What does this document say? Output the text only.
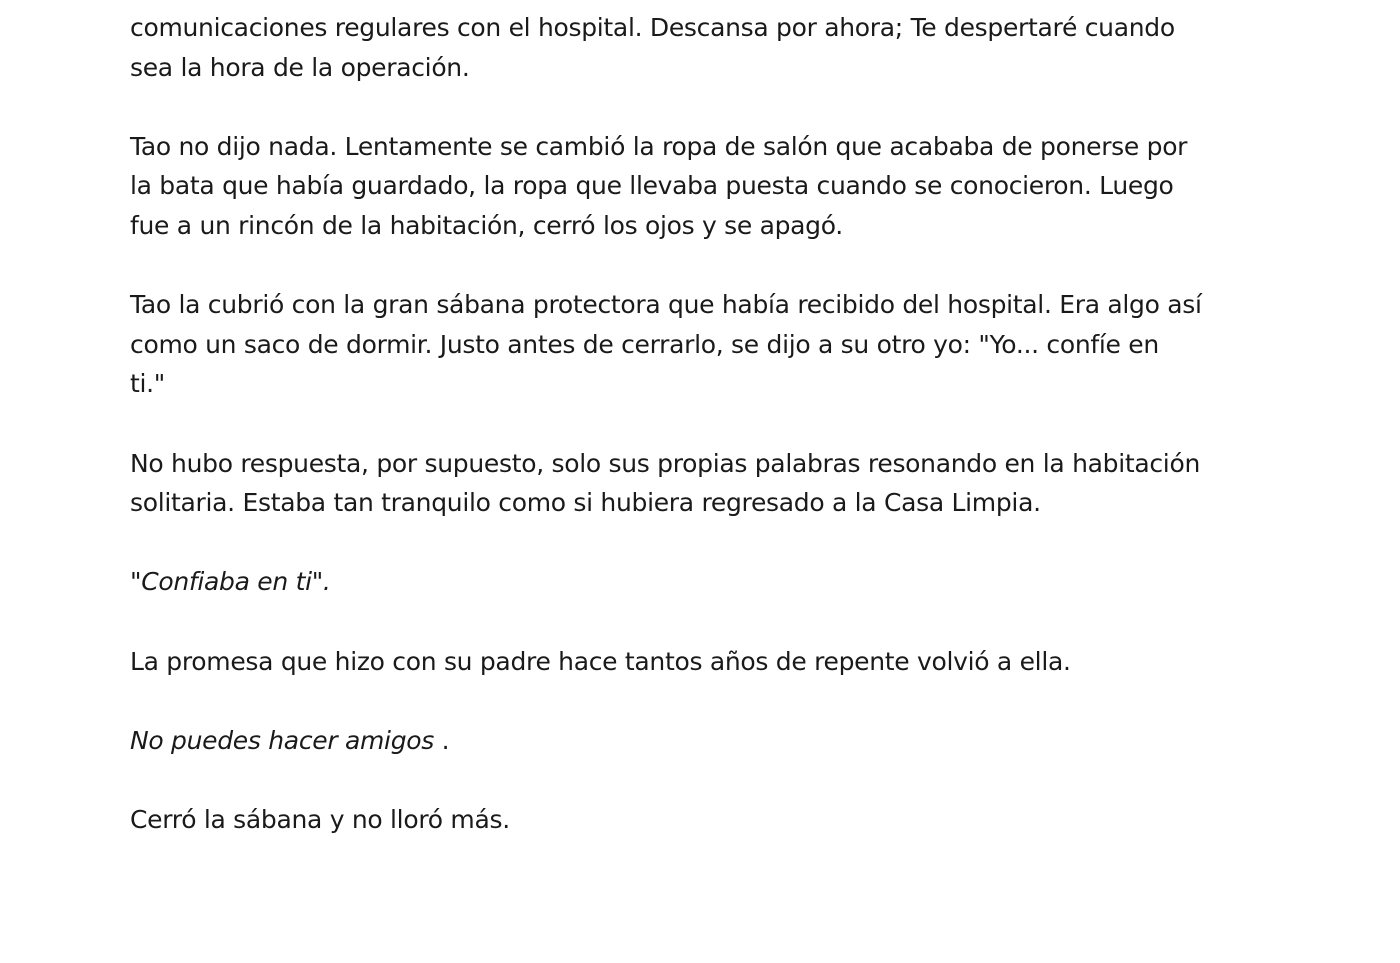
comunicaciones regulares con el hospital. Descansa por ahora; Te despertaré cuando
sea la hora de la operación.

Tao no dijo nada. Lentamente se cambió la ropa de salón que acababa de ponerse por
la bata que había guardado, la ropa que llevaba puesta cuando se conocieron. Luego
fue a un rincón de la habitación, cerró los ojos y se apagó.

Tao la cubrió con la gran sábana protectora que había recibido del hospital. Era algo así
como un saco de dormir. Justo antes de cerrarlo, se dijo a su otro yo: "Yo... confíe en
ti."

No hubo respuesta, por supuesto, solo sus propias palabras resonando en la habitación
solitaria. Estaba tan tranquilo como si hubiera regresado a la Casa Limpia.

"Confiaba en ti".

La promesa que hizo con su padre hace tantos años de repente volvió a ella.

No puedes hacer amigos .

Cerró la sábana y no lloró más.
